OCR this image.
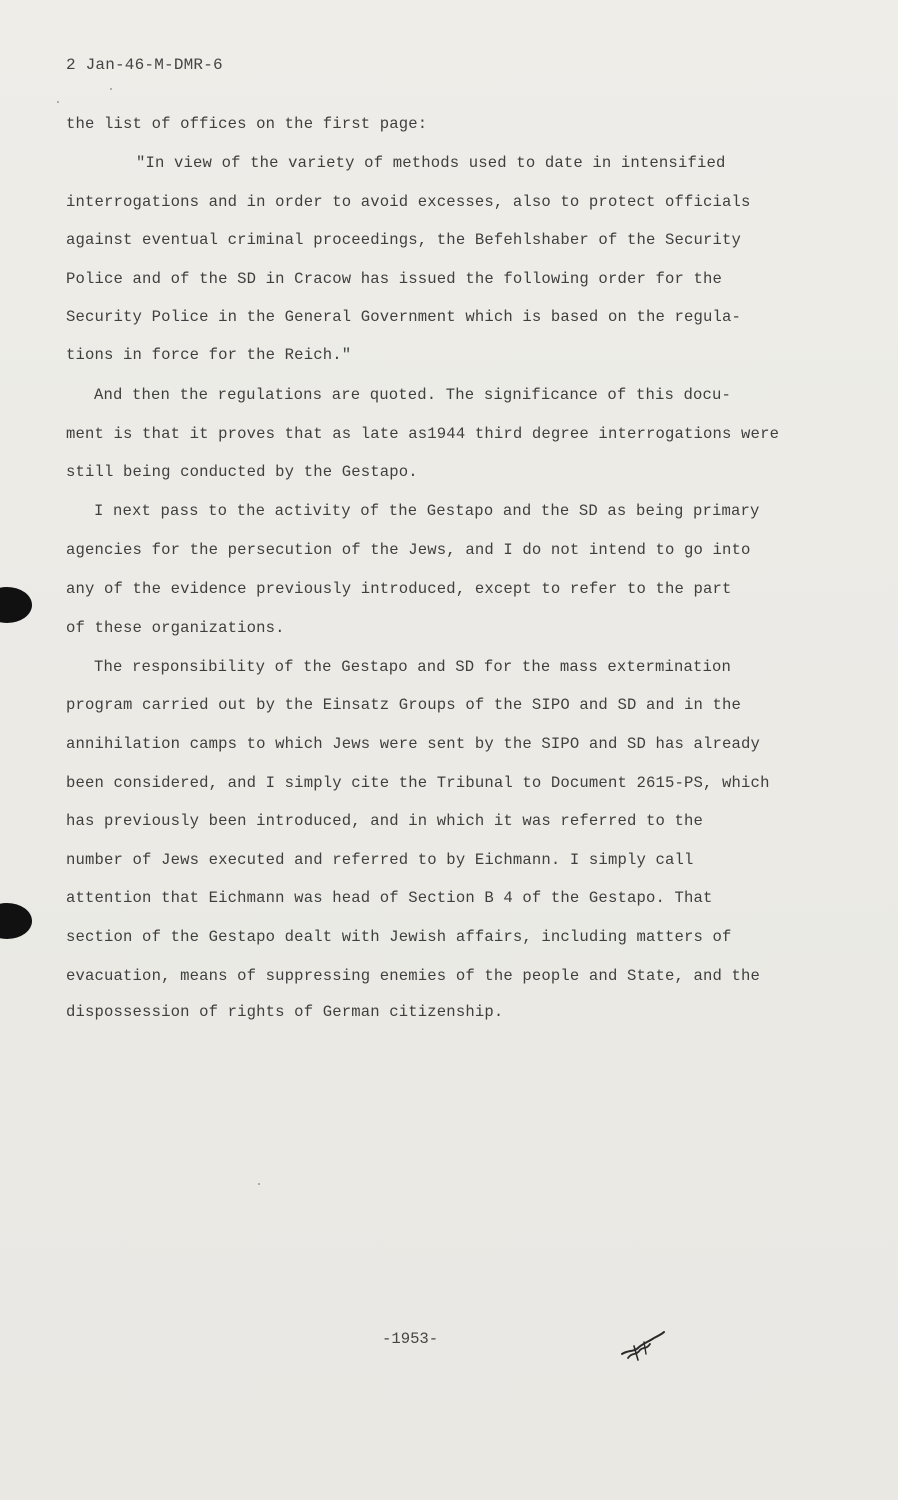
2 Jan-46-M-DMR-6
the list of offices on the first page:
"In view of the variety of methods used to date in intensified
interrogations and in order to avoid excesses, also to protect officials
against eventual criminal proceedings, the Befehlshaber of the Security
Police and of the SD in Cracow has issued the following order for the
Security Police in the General Government which is based on the regula-
tions in force for the Reich."
And then the regulations are quoted. The significance of this docu-
ment is that it proves that as late as1944 third degree interrogations were
still being conducted by the Gestapo.
I next pass to the activity of the Gestapo and the SD as being primary
agencies for the persecution of the Jews, and I do not intend to go into
any of the evidence previously introduced, except to refer to the part
of these organizations.
The responsibility of the Gestapo and SD for the mass extermination
program carried out by the Einsatz Groups of the SIPO and SD and in the
annihilation camps to which Jews were sent by the SIPO and SD has already
been considered, and I simply cite the Tribunal to Document 2615-PS, which
has previously been introduced, and in which it was referred to the
number of Jews executed and referred to by Eichmann. I simply call
attention that Eichmann was head of Section B 4 of the Gestapo. That
section of the Gestapo dealt with Jewish affairs, including matters of
evacuation, means of suppressing enemies of the people and State, and the
dispossession of rights of German citizenship.
-1953-
